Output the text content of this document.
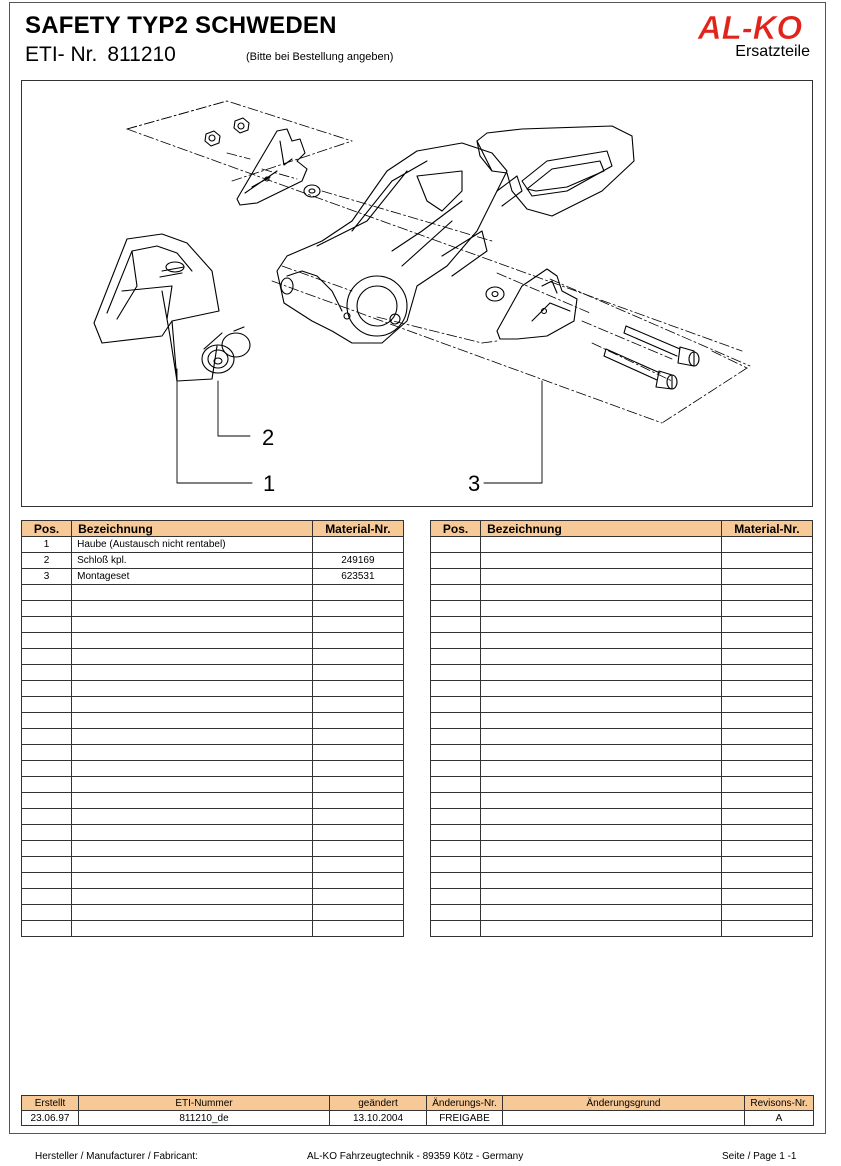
SAFETY TYP2 SCHWEDEN
ETI- Nr. 811210	(Bitte bei Bestellung angeben)
AL-KO
Ersatzteile
2
1	3
Pos.	Bezeichnung	Material-Nr.
1	Haube (Austausch nicht rentabel)	
2	Schloß kpl.	249169
3	Montageset	623531

Pos.	Bezeichnung	Material-Nr.

Erstellt	ETI-Nummer	geändert	Änderungs-Nr.	Änderungsgrund	Revisons-Nr.
23.06.97	811210_de	13.10.2004	FREIGABE		A
Hersteller / Manufacturer / Fabricant:	AL-KO Fahrzeugtechnik - 89359 Kötz - Germany	Seite / Page 1 -1
